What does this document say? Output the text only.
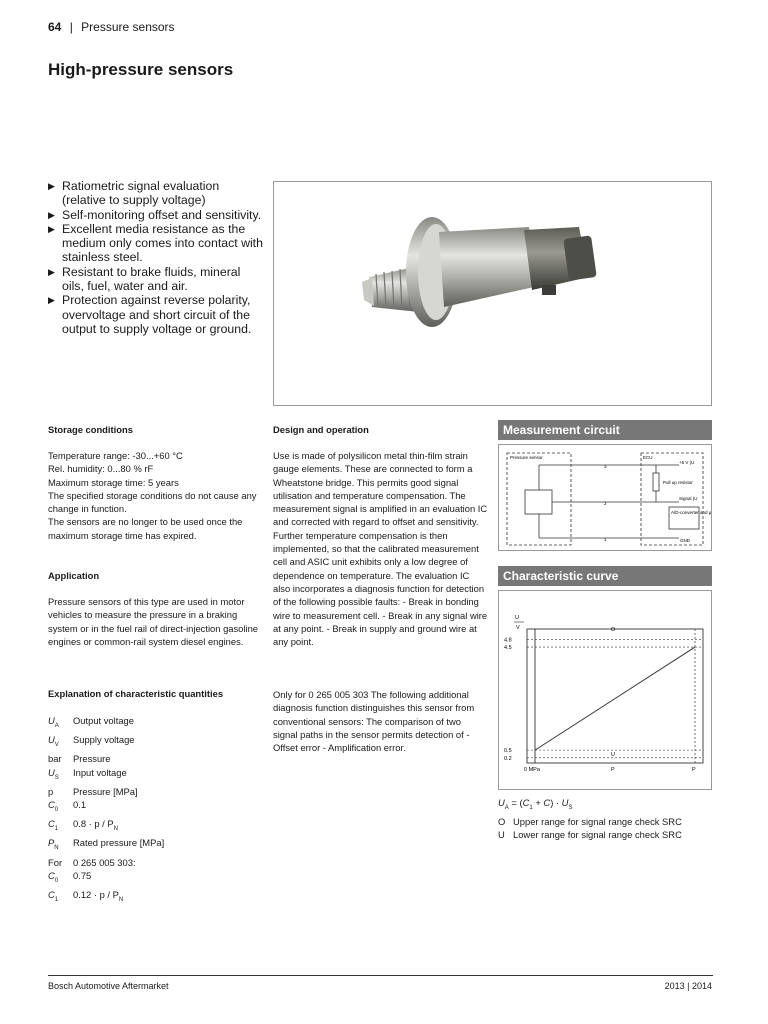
64 | Pressure sensors
High-pressure sensors
▶ Ratiometric signal evaluation (relative to supply voltage)
▶ Self-monitoring offset and sensitivity.
▶ Excellent media resistance as the medium only comes into contact with stainless steel.
▶ Resistant to brake fluids, mineral oils, fuel, water and air.
▶ Protection against reverse polarity, overvoltage and short circuit of the output to supply voltage or ground.
Storage conditions
Temperature range: -30...+60 °C
Rel. humidity: 0...80 % rF
Maximum storage time: 5 years
The specified storage conditions do not cause any change in function.
The sensors are no longer to be used once the maximum storage time has expired.
Application
Pressure sensors of this type are used in motor vehicles to measure the pressure in a braking system or in the fuel rail of direct-injection gasoline engines or common-rail system diesel engines.
Explanation of characteristic quantities
$U_A$ Output voltage
$U_V$ Supply voltage
bar Pressure
$U_S$ Input voltage
p Pressure [MPa]
$C_0$ 0.1
$C_1$ $0.8 \cdot p / P_N$
$P_N$ Rated pressure [MPa]
For 0 265 005 303:
$C_0$ 0.75
$C_1$ $0.12 \cdot p / P_N$
Design and operation
Use is made of polysilicon metal thin-film strain gauge elements. These are connected to form a Wheatstone bridge. This permits good signal utilisation and temperature compensation. The measurement signal is amplified in an evaluation IC and corrected with regard to offset and sensitivity. Further temperature compensation is then implemented, so that the calibrated measurement cell and ASIC unit exhibits only a low degree of dependence on temperature. The evaluation IC also incorporates a diagnosis function for detection of the following possible faults: - Break in bonding wire to measurement cell. - Break in any signal wire at any point. - Break in supply and ground wire at any point.
Only for 0 265 005 303 The following additional diagnosis function distinguishes this sensor from conventional sensors: The comparison of two signal paths in the sensor permits detection of - Offset error - Amplification error.
Measurement circuit
Pressure sensor	ECU
Pull up resistor
+5 V (U
Signal (U
A/D-converter and µC
GND
3
2
1
Characteristic curve
U
V
4.8
4.5
0.5
0.2
O
U
0 MPa	P	P
$U_A = (C_1 + C) \cdot U_S$
O Upper range for signal range check SRC
U Lower range for signal range check SRC
Bosch Automotive Aftermarket	2013 | 2014
